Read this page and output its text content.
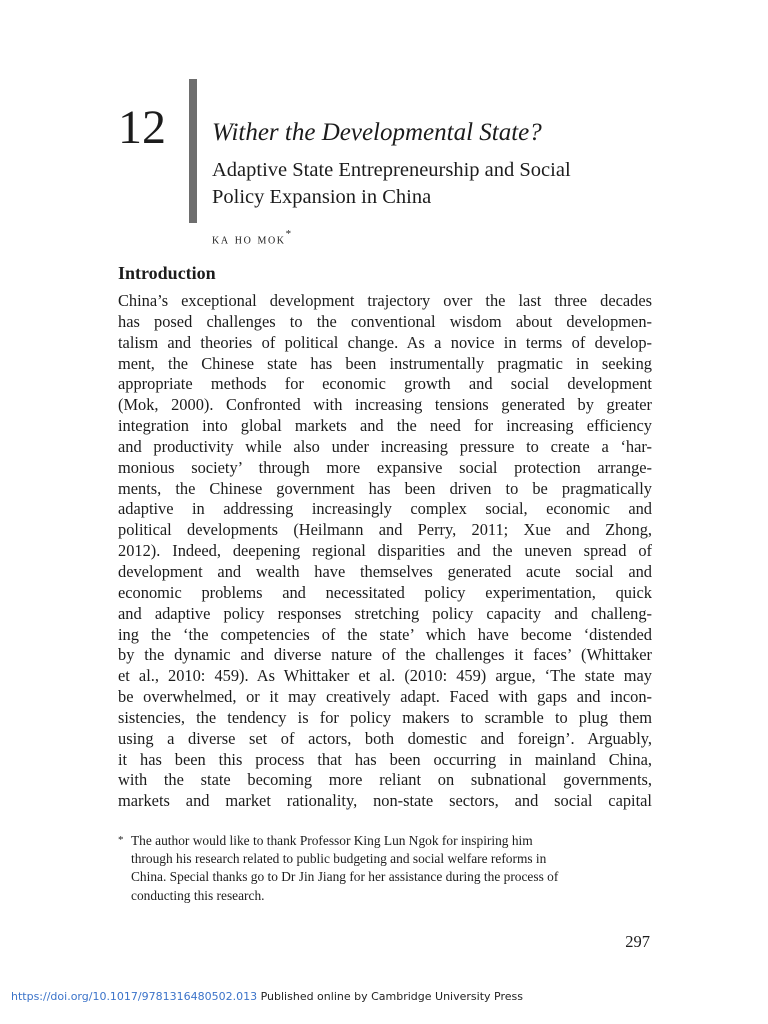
12 Wither the Developmental State?
Adaptive State Entrepreneurship and Social
Policy Expansion in China
ka ho mok*
Introduction
China’s exceptional development trajectory over the last three decades
has posed challenges to the conventional wisdom about developmen-
talism and theories of political change. As a novice in terms of develop-
ment, the Chinese state has been instrumentally pragmatic in seeking
appropriate methods for economic growth and social development
(Mok, 2000). Confronted with increasing tensions generated by greater
integration into global markets and the need for increasing efficiency
and productivity while also under increasing pressure to create a ‘har-
monious society’ through more expansive social protection arrange-
ments, the Chinese government has been driven to be pragmatically
adaptive in addressing increasingly complex social, economic and
political developments (Heilmann and Perry, 2011; Xue and Zhong,
2012). Indeed, deepening regional disparities and the uneven spread of
development and wealth have themselves generated acute social and
economic problems and necessitated policy experimentation, quick
and adaptive policy responses stretching policy capacity and challeng-
ing the ‘the competencies of the state’ which have become ‘distended
by the dynamic and diverse nature of the challenges it faces’ (Whittaker
et al., 2010: 459). As Whittaker et al. (2010: 459) argue, ‘The state may
be overwhelmed, or it may creatively adapt. Faced with gaps and incon-
sistencies, the tendency is for policy makers to scramble to plug them
using a diverse set of actors, both domestic and foreign’. Arguably,
it has been this process that has been occurring in mainland China,
with the state becoming more reliant on subnational governments,
markets and market rationality, non-state sectors, and social capital
* The author would like to thank Professor King Lun Ngok for inspiring him
through his research related to public budgeting and social welfare reforms in
China. Special thanks go to Dr Jin Jiang for her assistance during the process of
conducting this research.
297
https://doi.org/10.1017/9781316480502.013 Published online by Cambridge University Press
